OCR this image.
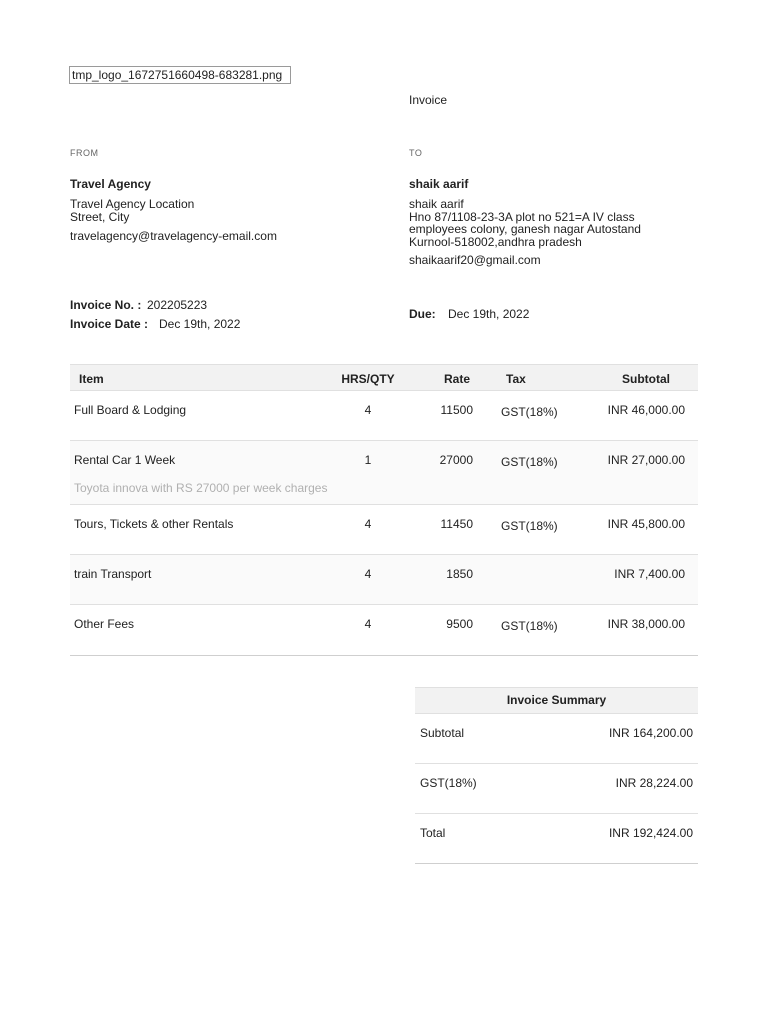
tmp_logo_1672751660498-683281.png
Invoice
FROM
Travel Agency
Travel Agency Location
Street, City
travelagency@travelagency-email.com
TO
shaik aarif
shaik aarif
Hno 87/1108-23-3A plot no 521=A IV class
employees colony, ganesh nagar Autostand
Kurnool-518002,andhra pradesh
shaikaarif20@gmail.com
Invoice No. : 202205223
Invoice Date : Dec 19th, 2022
Due: Dec 19th, 2022
Item	HRS/QTY	Rate	Tax	Subtotal
Full Board & Lodging	4	11500 GST(18%)	INR 46,000.00
Rental Car 1 Week	1	27000 GST(18%)	INR 27,000.00
Toyota innova with RS 27000 per week charges
Tours, Tickets & other Rentals	4	11450 GST(18%)	INR 45,800.00
train Transport	4	1850	INR 7,400.00
Other Fees	4	9500 GST(18%)	INR 38,000.00
Invoice Summary
Subtotal	INR 164,200.00
GST(18%)	INR 28,224.00
Total	INR 192,424.00
